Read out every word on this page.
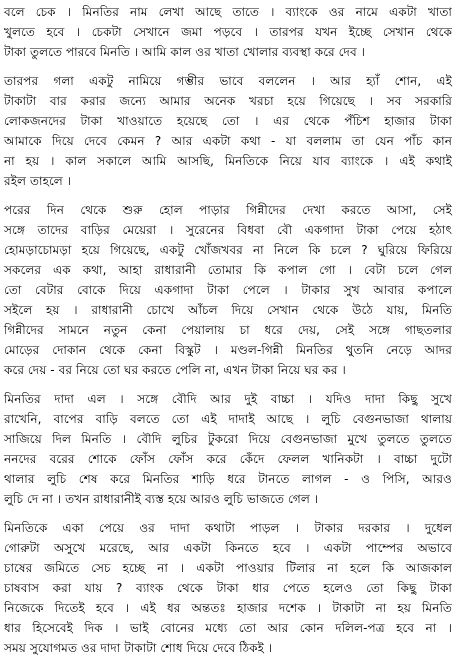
বলে চেক । মিনতির নাম লেখা আছে তাতে । ব্যাংকে ওর নামে একটা খাতা
খুলতে হবে । চেকটা সেখানে জমা পড়বে । তারপর যখন ইচ্ছে সেখান থেকে
টাকা তুলতে পারবে মিনতি । আমি কাল ওর খাতা খোলার ব্যবস্থা করে দেব ।
তারপর গলা একটু নামিয়ে গম্ভীর ভাবে বললেন । আর হ্যাঁ শোন, এই
টাকাটা বার করার জন্যে আমার অনেক খরচা হয়ে গিয়েছে । সব সরকারি
লোকজনদের টাকা খাওয়াতে হয়েছে তো । এর থেকে পঁচিশ হাজার টাকা
আমাকে দিয়ে দেবে কেমন ? আর একটা কথা - যা বললাম তা যেন পাঁচ কান
না হয় । কাল সকালে আমি আসছি, মিনতিকে নিয়ে যাব ব্যাংকে । এই কথাই
রইল তাহলে ।
পরের দিন থেকে শুরু হোল পাড়ার গিন্নীদের দেখা করতে আসা, সেই
সঙ্গে তাদের বাড়ির মেয়েরা । সুরেনের বিধবা বৌ একগাদা টাকা পেয়ে হঠাৎ
হোমড়াচোমড়া হয়ে গিয়েছে, একটু খোঁজখবর না নিলে কি চলে ? ঘুরিয়ে ফিরিয়ে
সকলের এক কথা, আহা রাধারানী তোমার কি কপাল গো । বেটা চলে গেল
তো বেটার বোকে দিয়ে একগাদা টাকা পেলে । টাকার সুখ আবার কপালে
সইলে হয় । রাধারানী চোখে আঁচল দিয়ে সেখান থেকে উঠে যায়, মিনতি
গিন্নীদের সামনে নতুন কেনা পেয়ালায় চা ধরে দেয়, সেই সঙ্গে গাছতলার
মোড়ের দোকান থেকে কেনা বিস্কুট । মণ্ডল-গিন্নী মিনতির থুতনি নেড়ে আদর
করে দেয় - বর নিয়ে তো ঘর করতে পেলি না, এখন টাকা নিয়ে ঘর কর ।
মিনতির দাদা এল । সঙ্গে বৌদি আর দুই বাচ্চা । যদিও দাদা কিছু সুখে
রাখেনি, বাপের বাড়ি বলতে তো এই দাদাই আছে । লুচি বেগুনভাজা থালায়
সাজিয়ে দিল মিনতি । বৌদি লুচির টুকরো দিয়ে বেগুনভাজা মুখে তুলতে তুলতে
ননদের বরের শোকে ফোঁস ফোঁস করে কেঁদে ফেলল খানিকটা । বাচ্চা দুটো
থালার লুচি শেষ করে মিনতির শাড়ি ধরে টানতে লাগল - ও পিসি, আরও
লুচি দে না । তখন রাধারানীই ব্যস্ত হয়ে আরও লুচি ভাজতে গেল ।
মিনতিকে একা পেয়ে ওর দাদা কথাটা পাড়ল । টাকার দরকার । দুধেল
গোরুটা অসুখে মরেছে, আর একটা কিনতে হবে । একটা পাম্পের অভাবে
চাষের জমিতে সেচ হচ্ছে না । একটা পাওয়ার টিলার না হলে কি আজকাল
চাষবাস করা যায় ? ব্যাংক থেকে টাকা ধার পেতে হলেও তো কিছু টাকা
নিজেকে দিতেই হবে । এই ধর অন্ততঃ হাজার দশেক । টাকাটা না হয় মিনতি
ধার হিসেবেই দিক । ভাই বোনের মধ্যে তো আর কোন দলিল-পত্র হবে না ।
সময় সুযোগমত ওর দাদা টাকাটা শোধ দিয়ে দেবে ঠিকই ।
